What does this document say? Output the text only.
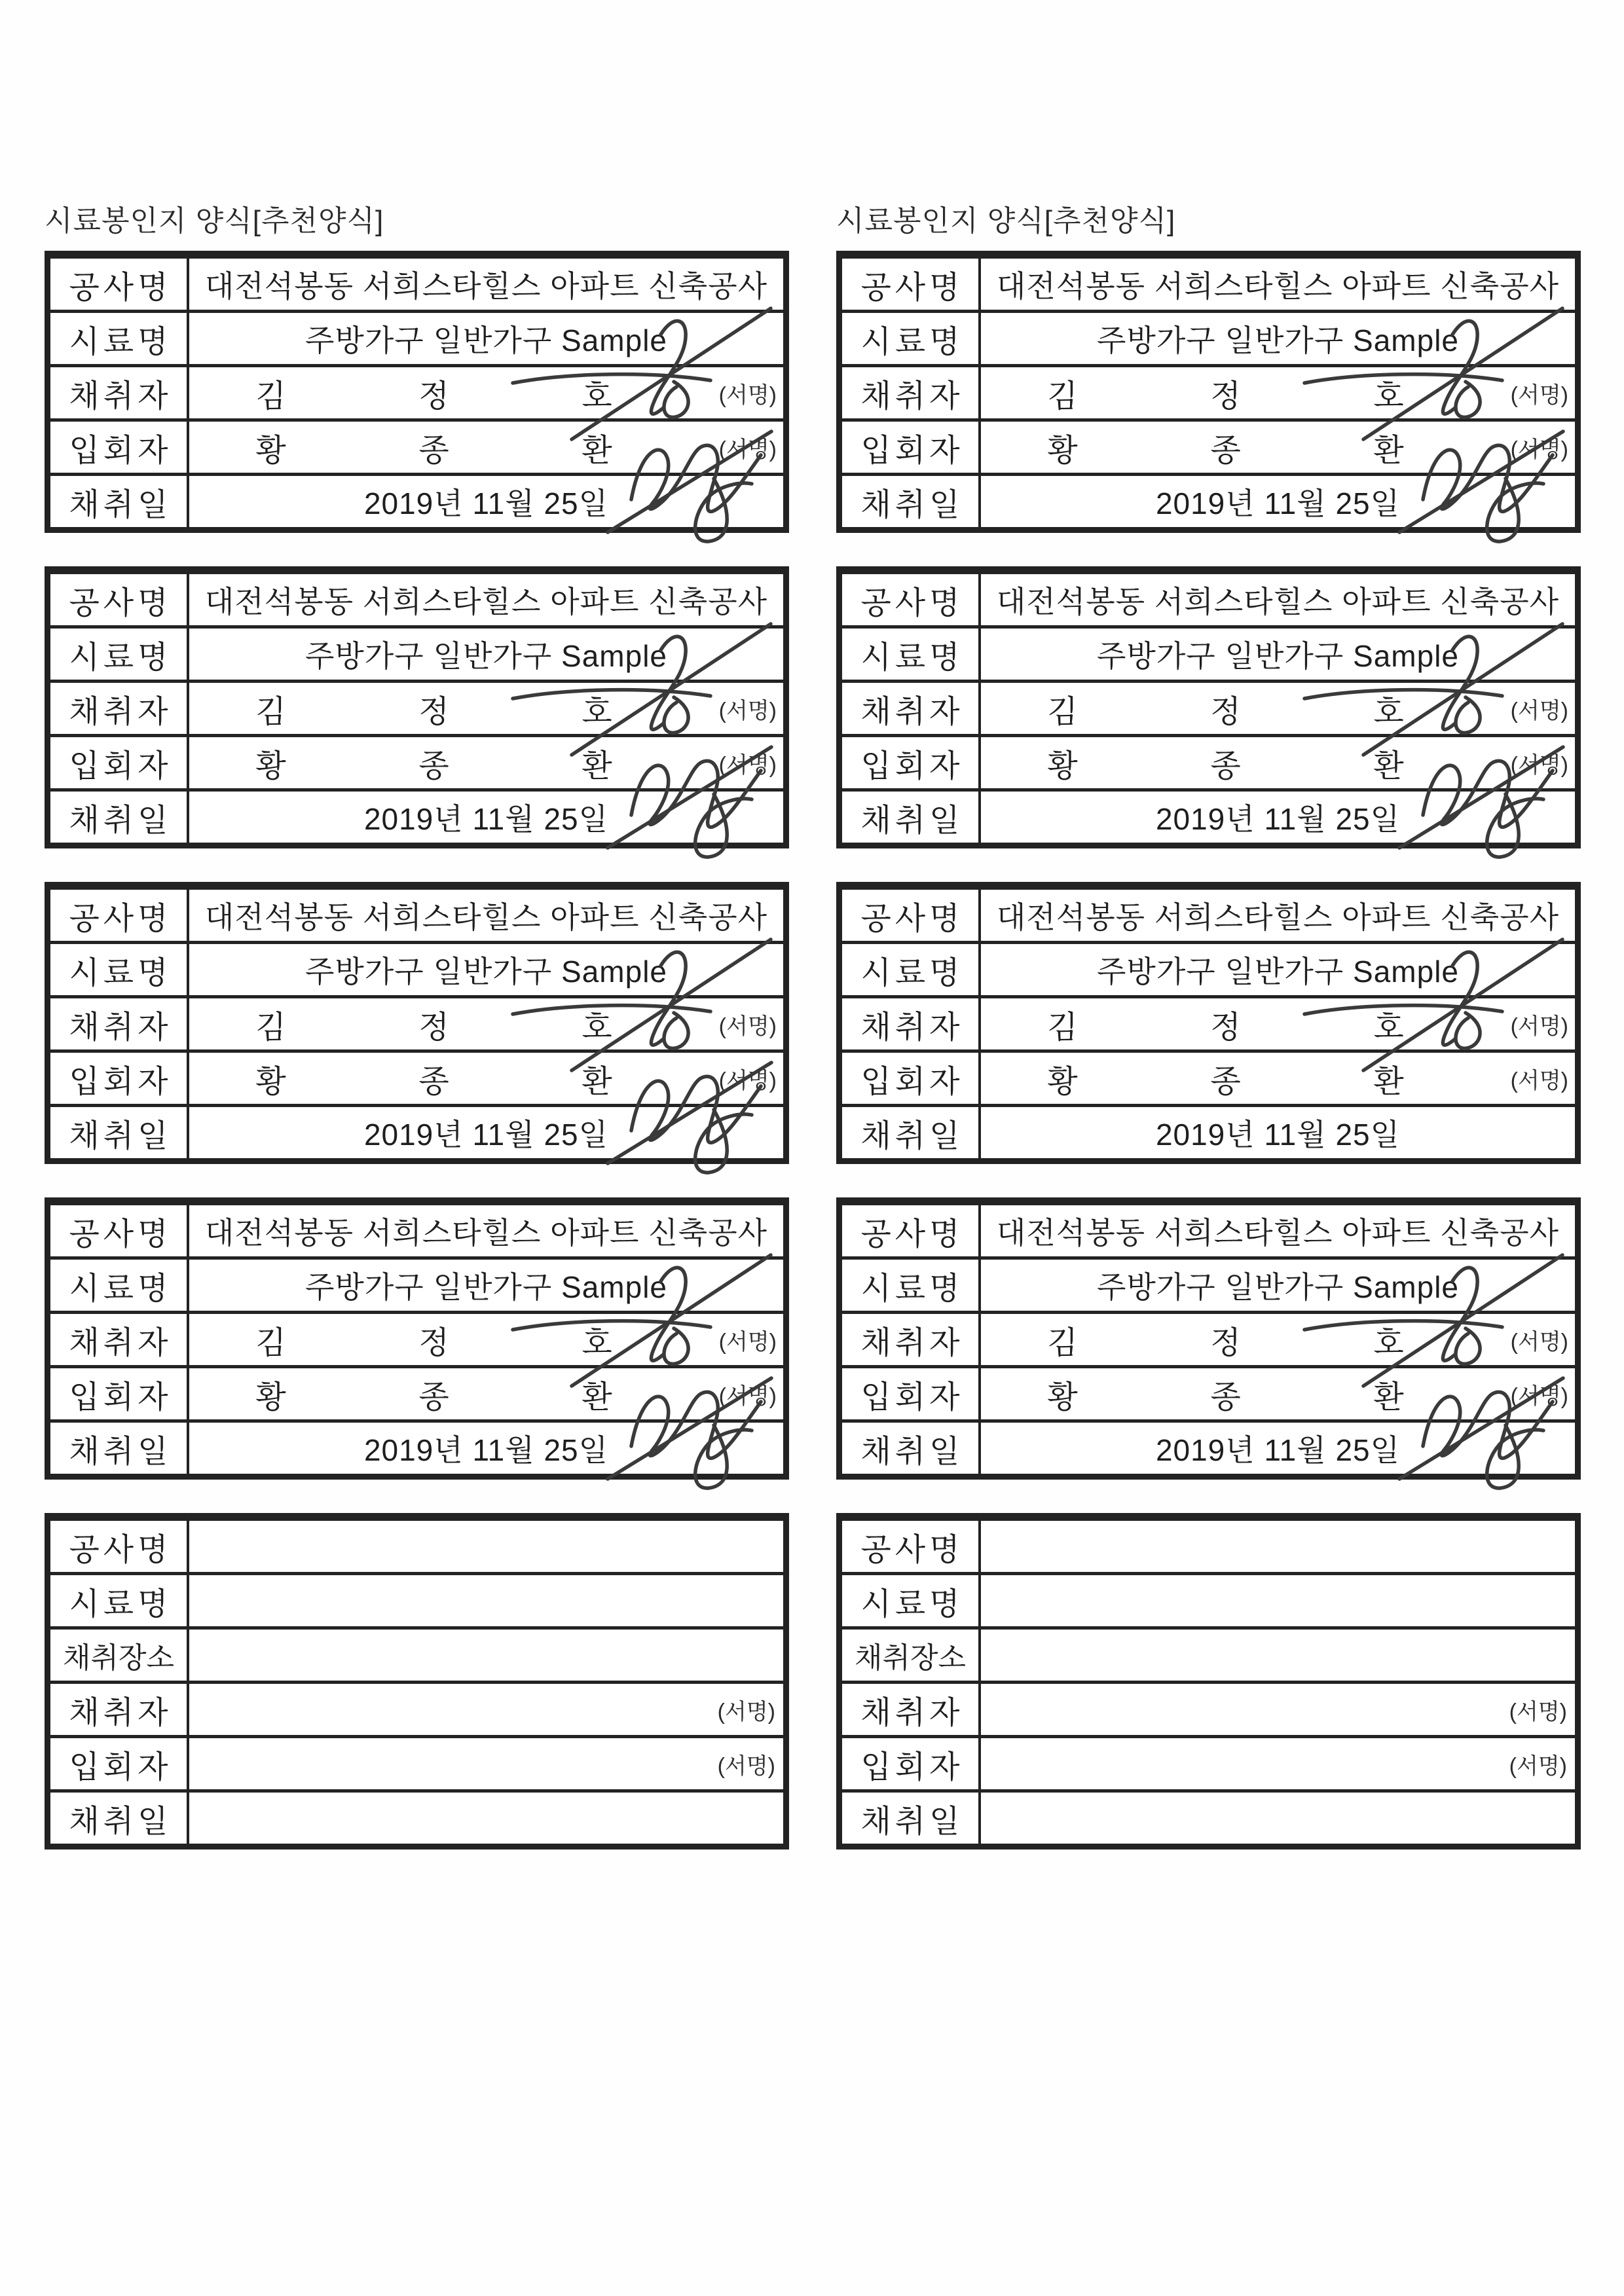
시료봉인지 양식[추천양식]
공사명	대전석봉동 서희스타힐스 아파트 신축공사
시료명	주방가구 일반가구 Sample
채취자	김	정	호	(서명)
입회자	황	종	환	(서명)
채취일	2019년 11월 25일
공사명	대전석봉동 서희스타힐스 아파트 신축공사
시료명	주방가구 일반가구 Sample
채취자	김	정	호	(서명)
입회자	황	종	환	(서명)
채취일	2019년 11월 25일
공사명	대전석봉동 서희스타힐스 아파트 신축공사
시료명	주방가구 일반가구 Sample
채취자	김	정	호	(서명)
입회자	황	종	환	(서명)
채취일	2019년 11월 25일
공사명	대전석봉동 서희스타힐스 아파트 신축공사
시료명	주방가구 일반가구 Sample
채취자	김	정	호	(서명)
입회자	황	종	환	(서명)
채취일	2019년 11월 25일
공사명
시료명
채취장소
채취자	(서명)
입회자	(서명)
채취일
시료봉인지 양식[추천양식]
공사명	대전석봉동 서희스타힐스 아파트 신축공사
시료명	주방가구 일반가구 Sample
채취자	김	정	호	(서명)
입회자	황	종	환	(서명)
채취일	2019년 11월 25일
공사명	대전석봉동 서희스타힐스 아파트 신축공사
시료명	주방가구 일반가구 Sample
채취자	김	정	호	(서명)
입회자	황	종	환	(서명)
채취일	2019년 11월 25일
공사명	대전석봉동 서희스타힐스 아파트 신축공사
시료명	주방가구 일반가구 Sample
채취자	김	정	호	(서명)
입회자	황	종	환	(서명)
채취일	2019년 11월 25일
공사명	대전석봉동 서희스타힐스 아파트 신축공사
시료명	주방가구 일반가구 Sample
채취자	김	정	호	(서명)
입회자	황	종	환	(서명)
채취일	2019년 11월 25일
공사명
시료명
채취장소
채취자	(서명)
입회자	(서명)
채취일
